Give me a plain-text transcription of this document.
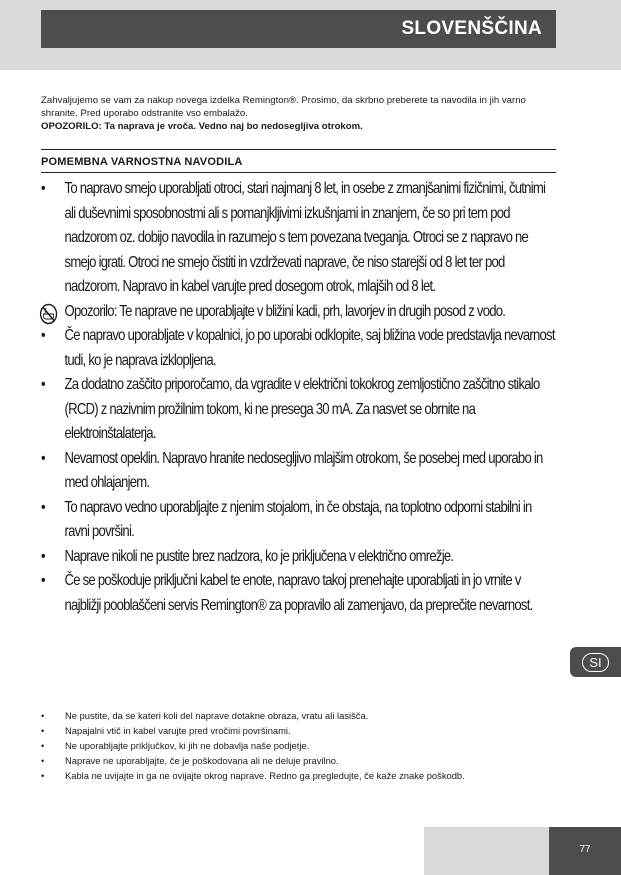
SLOVENŠČINA

Zahvaljujemo se vam za nakup novega izdelka Remington®. Prosimo, da skrbno preberete ta navodila in jih varno shranite. Pred uporabo odstranite vso embalažo.

OPOZORILO: Ta naprava je vroča. Vedno naj bo nedosegljiva otrokom.

POMEMBNA VARNOSTNA NAVODILA
• To napravo smejo uporabljati otroci, stari najmanj 8 let, in osebe z zmanjšanimi fizičnimi, čutnimi ali duševnimi sposobnostmi ali s pomanjkljivimi izkušnjami in znanjem, če so pri tem pod nadzorom oz. dobijo navodila in razumejo s tem povezana tveganja. Otroci se z napravo ne smejo igrati. Otroci ne smejo čistiti in vzdrževati naprave, če niso starejši od 8 let ter pod nadzorom. Napravo in kabel varujte pred dosegom otrok, mlajših od 8 let.
Opozorilo: Te naprave ne uporabljajte v bližini kadi, prh, lavorjev in drugih posod z vodo.
• Če napravo uporabljate v kopalnici, jo po uporabi odklopite, saj bližina vode predstavlja nevarnost tudi, ko je naprava izklopljena.
• Za dodatno zaščito priporočamo, da vgradite v električni tokokrog zemljostično zaščitno stikalo (RCD) z nazivnim prožilnim tokom, ki ne presega 30 mA. Za nasvet se obrnite na elektroinštalaterja.
• Nevarnost opeklin. Napravo hranite nedosegljivo mlajšim otrokom, še posebej med uporabo in med ohlajanjem.
• To napravo vedno uporabljajte z njenim stojalom, in če obstaja, na toplotno odporni stabilni in ravni površini.
• Naprave nikoli ne pustite brez nadzora, ko je priključena v električno omrežje.
• Če se poškoduje priključni kabel te enote, napravo takoj prenehajte uporabljati in jo vrnite v najbližji pooblaščeni servis Remington® za popravilo ali zamenjavo, da preprečite nevarnost.
• Ne pustite, da se kateri koli del naprave dotakne obraza, vratu ali lasišča.
• Napajalni vtič in kabel varujte pred vročimi površinami.
• Ne uporabljajte priključkov, ki jih ne dobavlja naše podjetje.
• Naprave ne uporabljajte, če je poškodovana ali ne deluje pravilno.
• Kabla ne uvijajte in ga ne ovijajte okrog naprave. Redno ga pregledujte, če kaže znake poškodb.
SI
77
